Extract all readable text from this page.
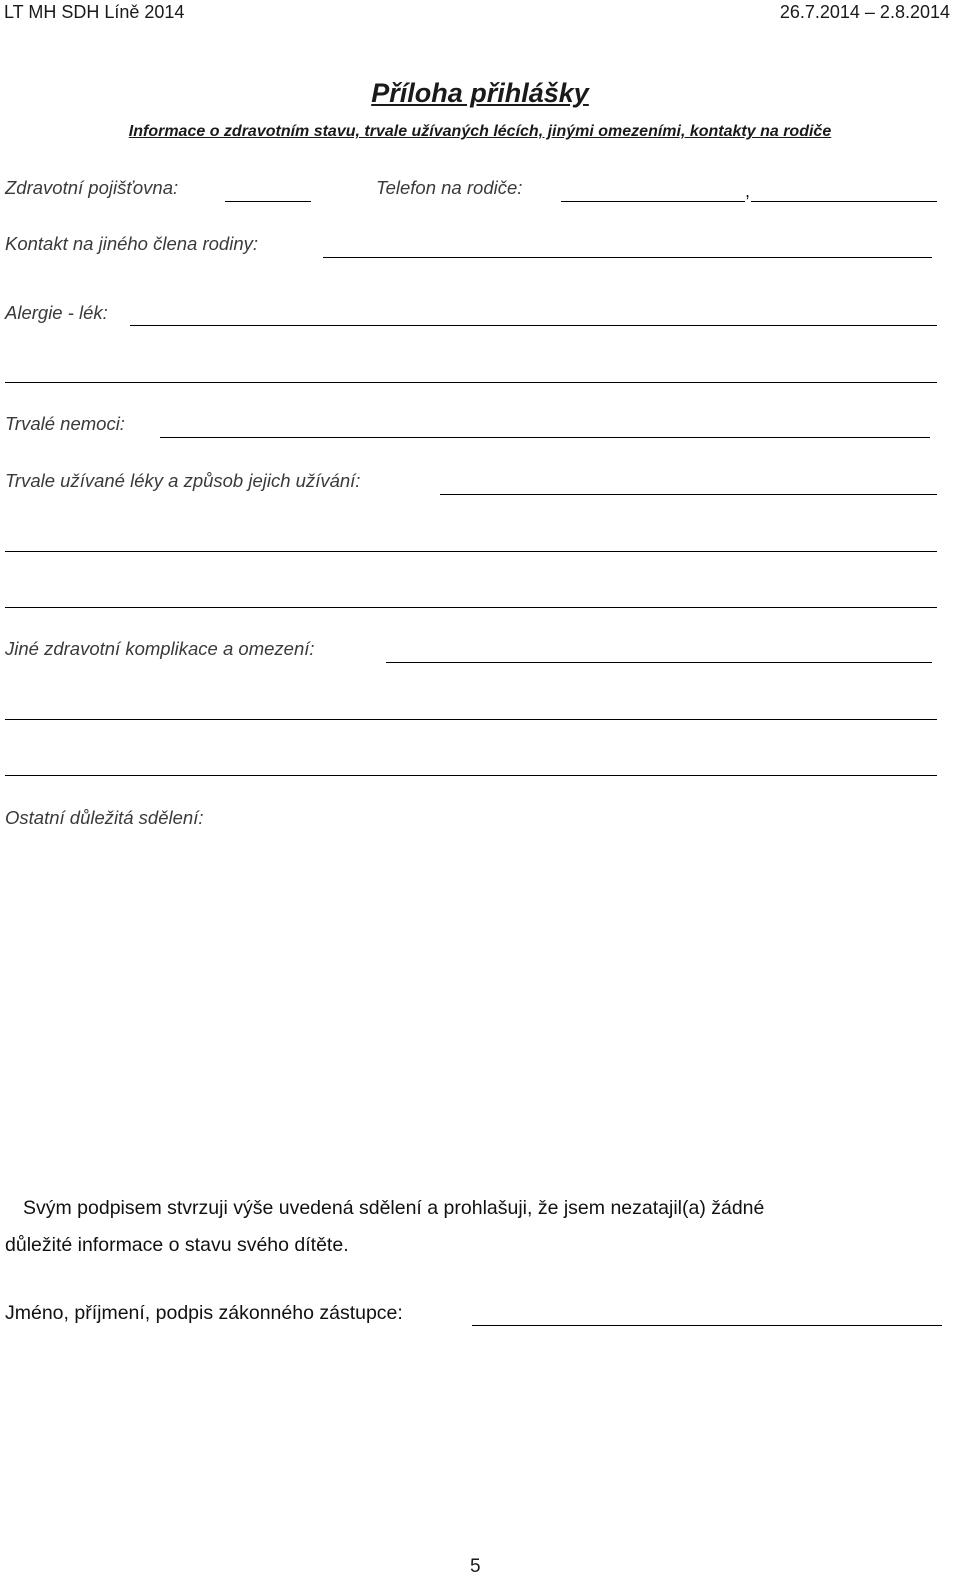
LT MH SDH Líně 2014	26.7.2014 – 2.8.2014
Příloha přihlášky
Informace o zdravotním stavu, trvale užívaných lécích, jinými omezeními, kontakty na rodiče
Zdravotní pojišťovna:	Telefon na rodiče:	,
Kontakt na jiného člena rodiny:
Alergie - lék:
Trvalé nemoci:
Trvale užívané léky a způsob jejich užívání:
Jiné zdravotní komplikace a omezení:
Ostatní důležitá sdělení:
Svým podpisem stvrzuji výše uvedená sdělení a prohlašuji, že jsem nezatajil(a) žádné
důležité informace o stavu svého dítěte.
Jméno, příjmení, podpis zákonného zástupce:
5
